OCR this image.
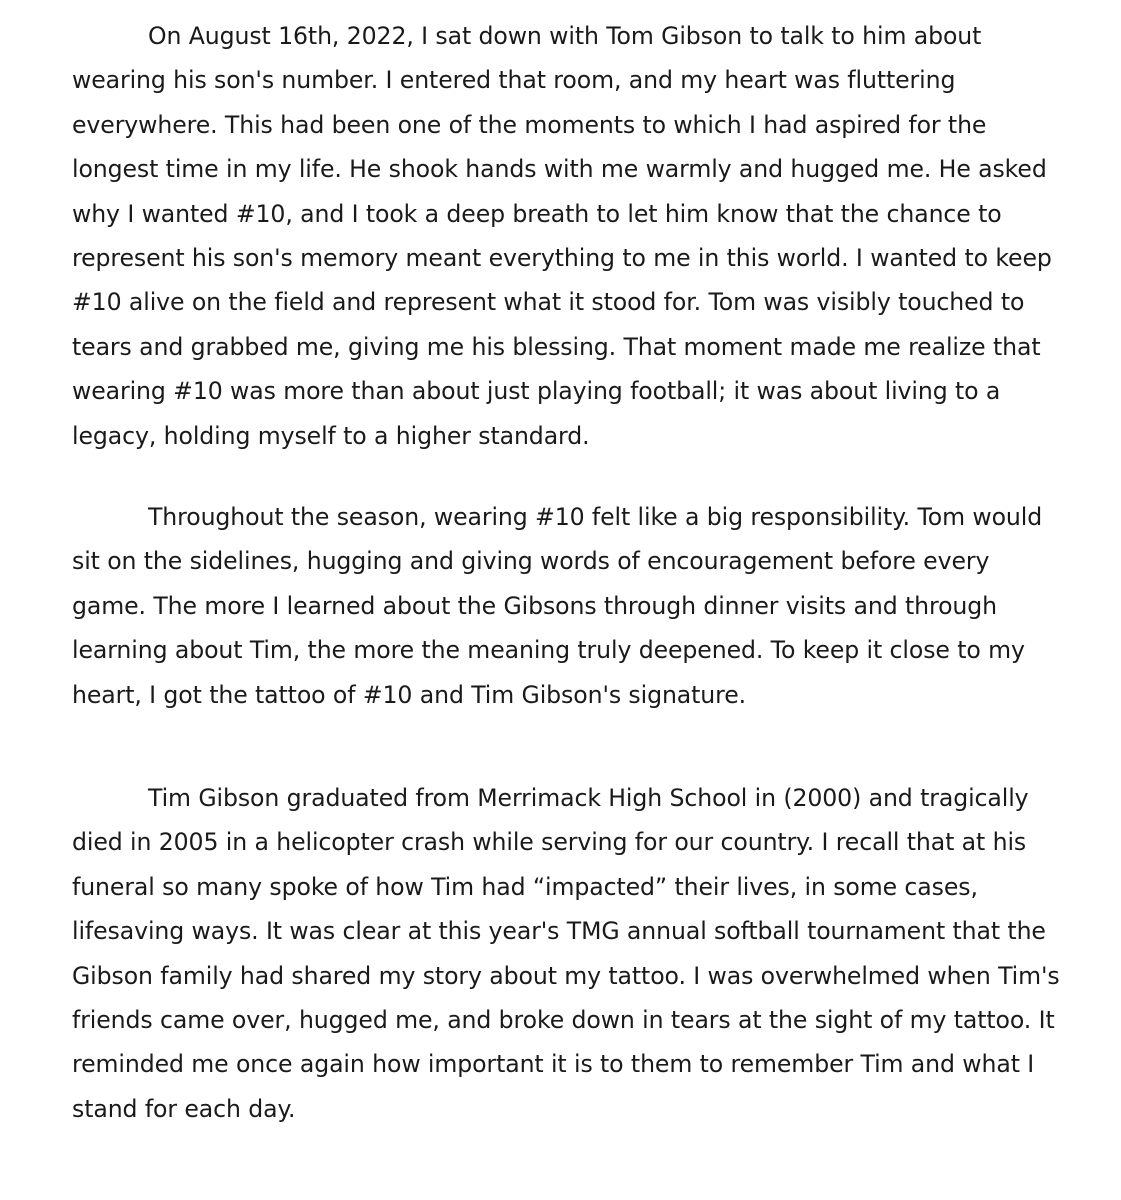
On August 16th, 2022, I sat down with Tom Gibson to talk to him about wearing his son's number. I entered that room, and my heart was fluttering everywhere. This had been one of the moments to which I had aspired for the longest time in my life. He shook hands with me warmly and hugged me. He asked why I wanted #10, and I took a deep breath to let him know that the chance to represent his son's memory meant everything to me in this world. I wanted to keep #10 alive on the field and represent what it stood for. Tom was visibly touched to tears and grabbed me, giving me his blessing. That moment made me realize that wearing #10 was more than about just playing football; it was about living to a legacy, holding myself to a higher standard.

Throughout the season, wearing #10 felt like a big responsibility. Tom would sit on the sidelines, hugging and giving words of encouragement before every game. The more I learned about the Gibsons through dinner visits and through learning about Tim, the more the meaning truly deepened. To keep it close to my heart, I got the tattoo of #10 and Tim Gibson's signature.

Tim Gibson graduated from Merrimack High School in (2000) and tragically died in 2005 in a helicopter crash while serving for our country. I recall that at his funeral so many spoke of how Tim had “impacted” their lives, in some cases, lifesaving ways. It was clear at this year's TMG annual softball tournament that the Gibson family had shared my story about my tattoo. I was overwhelmed when Tim's friends came over, hugged me, and broke down in tears at the sight of my tattoo. It reminded me once again how important it is to them to remember Tim and what I stand for each day.
